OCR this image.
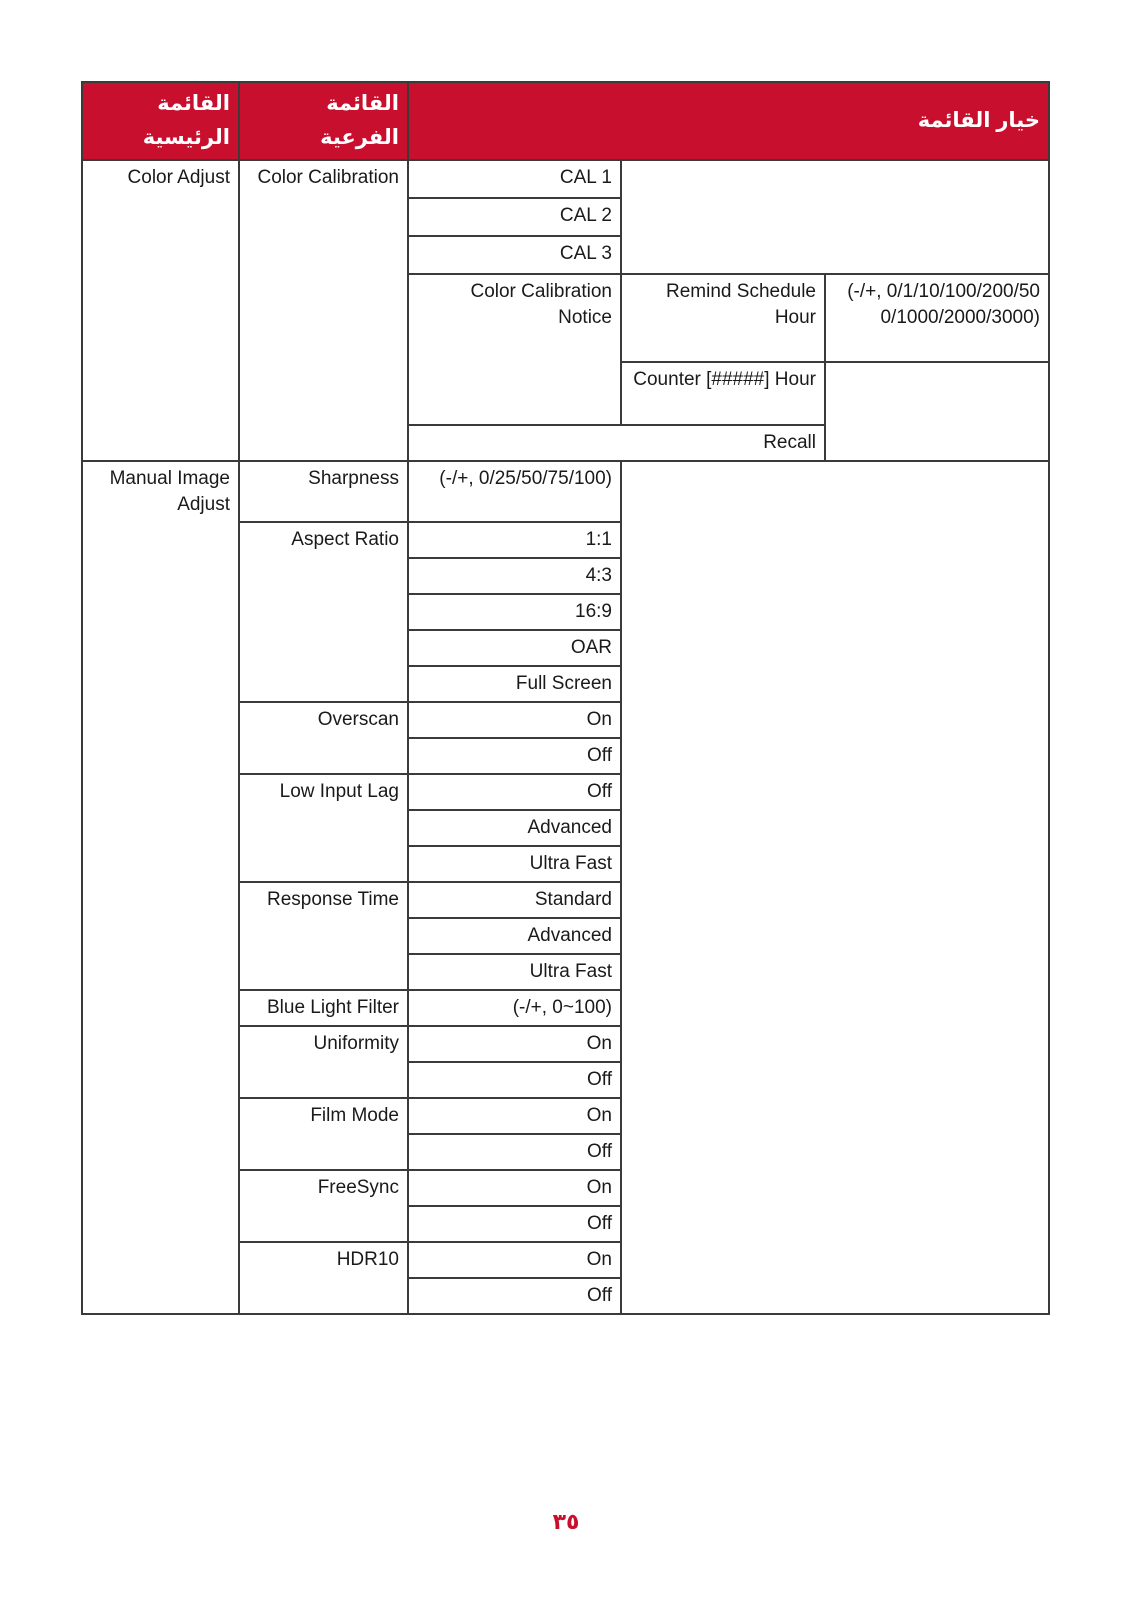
القائمة الرئيسية	القائمة الفرعية	خيار القائمة		
Color Adjust	Color Calibration	CAL 1		
		CAL 2		
		CAL 3		
		Color Calibration Notice	Remind Schedule Hour	(-/+, 0/1/10/100/200/500/1000/2000/3000)
			Counter [#####] Hour	

		Recall		
Manual Image Adjust	Sharpness	(-/+, 0/25/50/75/100)		
	Aspect Ratio	1:1		
		4:3		
		16:9		
		OAR		
		Full Screen		
	Overscan	On		
		Off		
	Low Input Lag	Off		
		Advanced		
		Ultra Fast		
	Response Time	Standard		
		Advanced		
		Ultra Fast		
	Blue Light Filter	(-/+, 0~100)		
	Uniformity	On		
		Off		
	Film Mode	On		
		Off		
	FreeSync	On		
		Off		
	HDR10	On		
		Off		
٣٥
